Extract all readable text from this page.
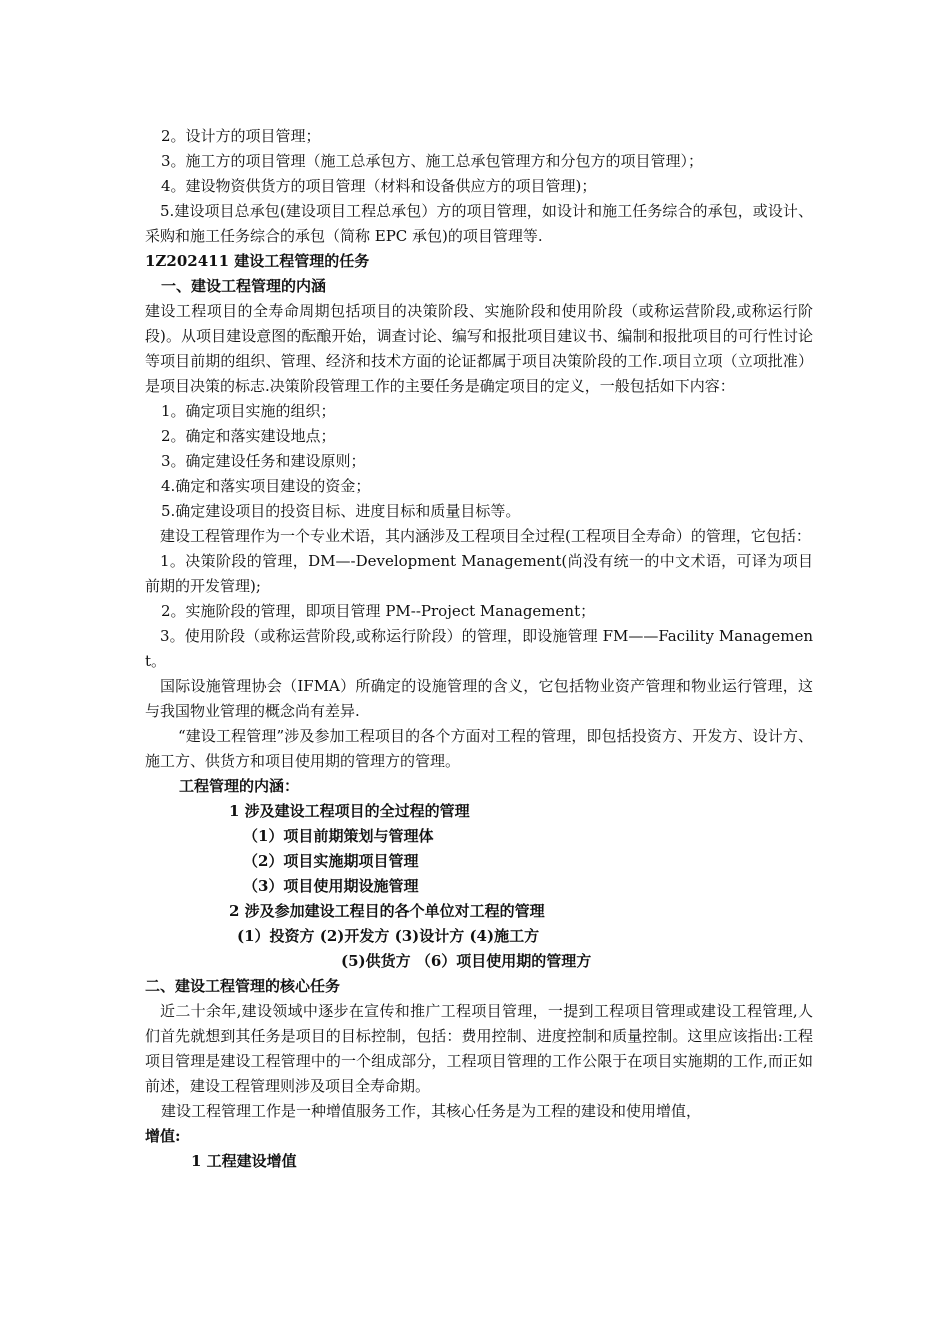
2。设计方的项目管理；
3。施工方的项目管理（施工总承包方、施工总承包管理方和分包方的项目管理）；
4。建设物资供货方的项目管理（材料和设备供应方的项目管理)；
5.建设项目总承包(建设项目工程总承包）方的项目管理，如设计和施工任务综合的承包，或设计、采购和施工任务综合的承包（简称 EPC 承包)的项目管理等.
1Z202411 建设工程管理的任务
一、建设工程管理的内涵
建设工程项目的全寿命周期包括项目的决策阶段、实施阶段和使用阶段（或称运营阶段,或称运行阶段)。从项目建设意图的酝酿开始，调查讨论、编写和报批项目建议书、编制和报批项目的可行性讨论等项目前期的组织、管理、经济和技术方面的论证都属于项目决策阶段的工作.项目立项（立项批准）是项目决策的标志.决策阶段管理工作的主要任务是确定项目的定义，一般包括如下内容：
1。确定项目实施的组织；
2。确定和落实建设地点；
3。确定建设任务和建设原则；
4.确定和落实项目建设的资金；
5.确定建设项目的投资目标、进度目标和质量目标等。
建设工程管理作为一个专业术语，其内涵涉及工程项目全过程(工程项目全寿命）的管理，它包括：
1。决策阶段的管理，DM—-Development Management(尚没有统一的中文术语，可译为项目前期的开发管理);
2。实施阶段的管理，即项目管理 PM--Project Management；
3。使用阶段（或称运营阶段,或称运行阶段）的管理，即设施管理 FM——Facility Management。
国际设施管理协会（IFMA）所确定的设施管理的含义，它包括物业资产管理和物业运行管理，这与我国物业管理的概念尚有差异.
“建设工程管理”涉及参加工程项目的各个方面对工程的管理，即包括投资方、开发方、设计方、施工方、供货方和项目使用期的管理方的管理。
工程管理的内涵：
1 涉及建设工程项目的全过程的管理
（1）项目前期策划与管理体
（2）项目实施期项目管理
（3）项目使用期设施管理
2 涉及参加建设工程目的各个单位对工程的管理
(1）投资方 (2)开发方 (3)设计方 (4)施工方
(5)供货方 （6）项目使用期的管理方
二、建设工程管理的核心任务
近二十余年,建设领域中逐步在宣传和推广工程项目管理，一提到工程项目管理或建设工程管理,人们首先就想到其任务是项目的目标控制，包括：费用控制、进度控制和质量控制。这里应该指出:工程项目管理是建设工程管理中的一个组成部分，工程项目管理的工作公限于在项目实施期的工作,而正如前述，建设工程管理则涉及项目全寿命期。
建设工程管理工作是一种增值服务工作，其核心任务是为工程的建设和使用增值，
增值:
1 工程建设增值
